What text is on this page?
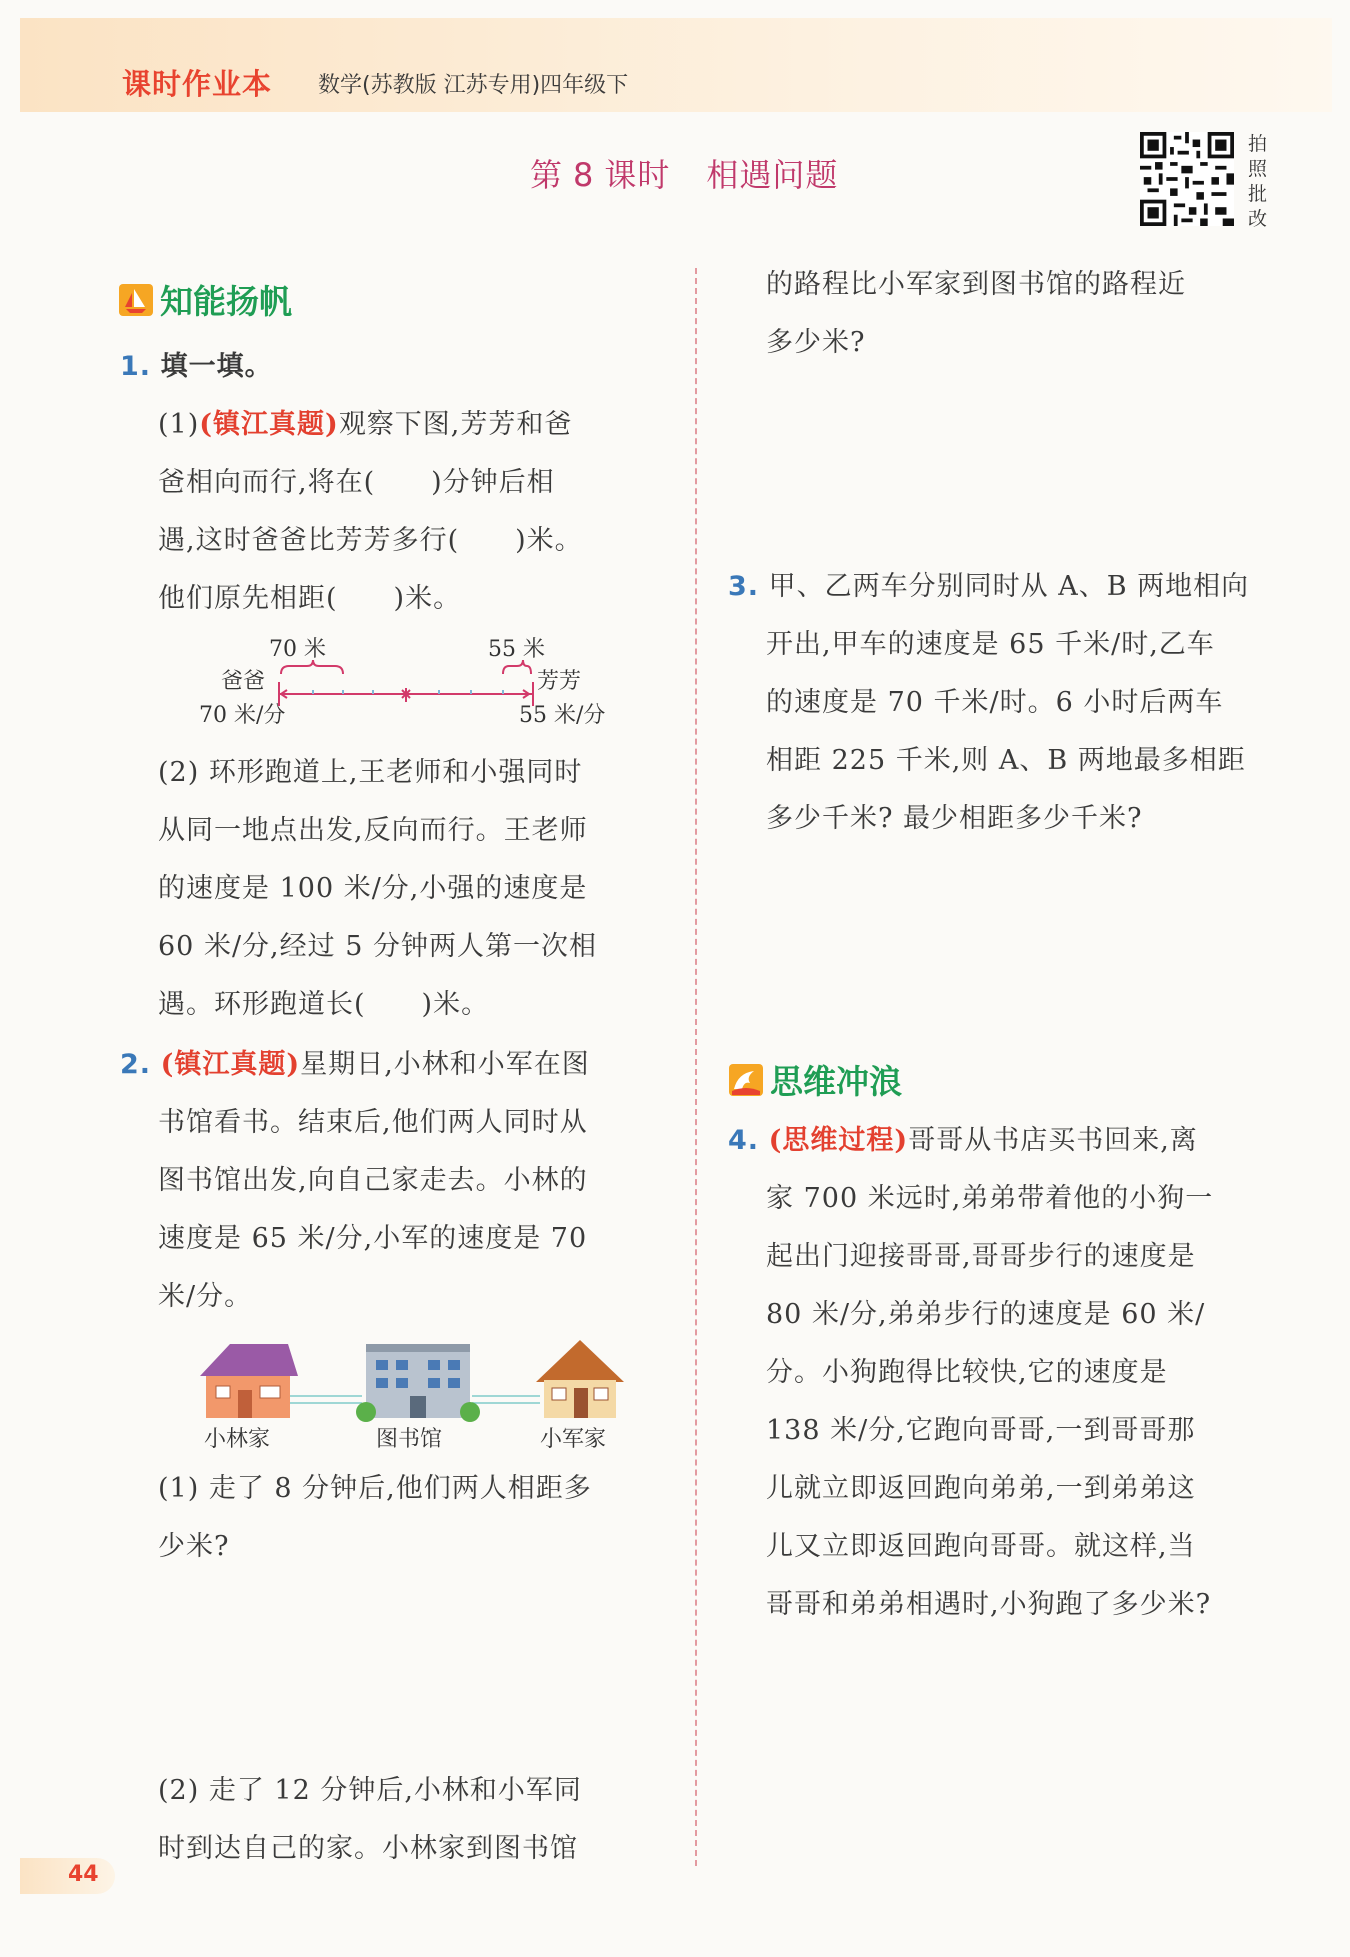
课时作业本 数学(苏教版 江苏专用)四年级下
第 8 课时 相遇问题
拍
照
批
改
知能扬帆
1. 填一填。
(1)(镇江真题)观察下图,芳芳和爸
爸相向而行,将在(　　)分钟后相
遇,这时爸爸比芳芳多行(　　)米。
他们原先相距(　　)米。
70 米	55 米
爸爸	芳芳
70 米/分	55 米/分
(2) 环形跑道上,王老师和小强同时
从同一地点出发,反向而行。王老师
的速度是 100 米/分,小强的速度是
60 米/分,经过 5 分钟两人第一次相
遇。环形跑道长(　　)米。
2. (镇江真题)星期日,小林和小军在图
书馆看书。结束后,他们两人同时从
图书馆出发,向自己家走去。小林的
速度是 65 米/分,小军的速度是 70
米/分。
小林家	图书馆	小军家
(1) 走了 8 分钟后,他们两人相距多
少米?
(2) 走了 12 分钟后,小林和小军同
时到达自己的家。小林家到图书馆
的路程比小军家到图书馆的路程近
多少米?
3. 甲、乙两车分别同时从 A、B 两地相向
开出,甲车的速度是 65 千米/时,乙车
的速度是 70 千米/时。6 小时后两车
相距 225 千米,则 A、B 两地最多相距
多少千米? 最少相距多少千米?
思维冲浪
4. (思维过程)哥哥从书店买书回来,离
家 700 米远时,弟弟带着他的小狗一
起出门迎接哥哥,哥哥步行的速度是
80 米/分,弟弟步行的速度是 60 米/
分。小狗跑得比较快,它的速度是
138 米/分,它跑向哥哥,一到哥哥那
儿就立即返回跑向弟弟,一到弟弟这
儿又立即返回跑向哥哥。就这样,当
哥哥和弟弟相遇时,小狗跑了多少米?
44
